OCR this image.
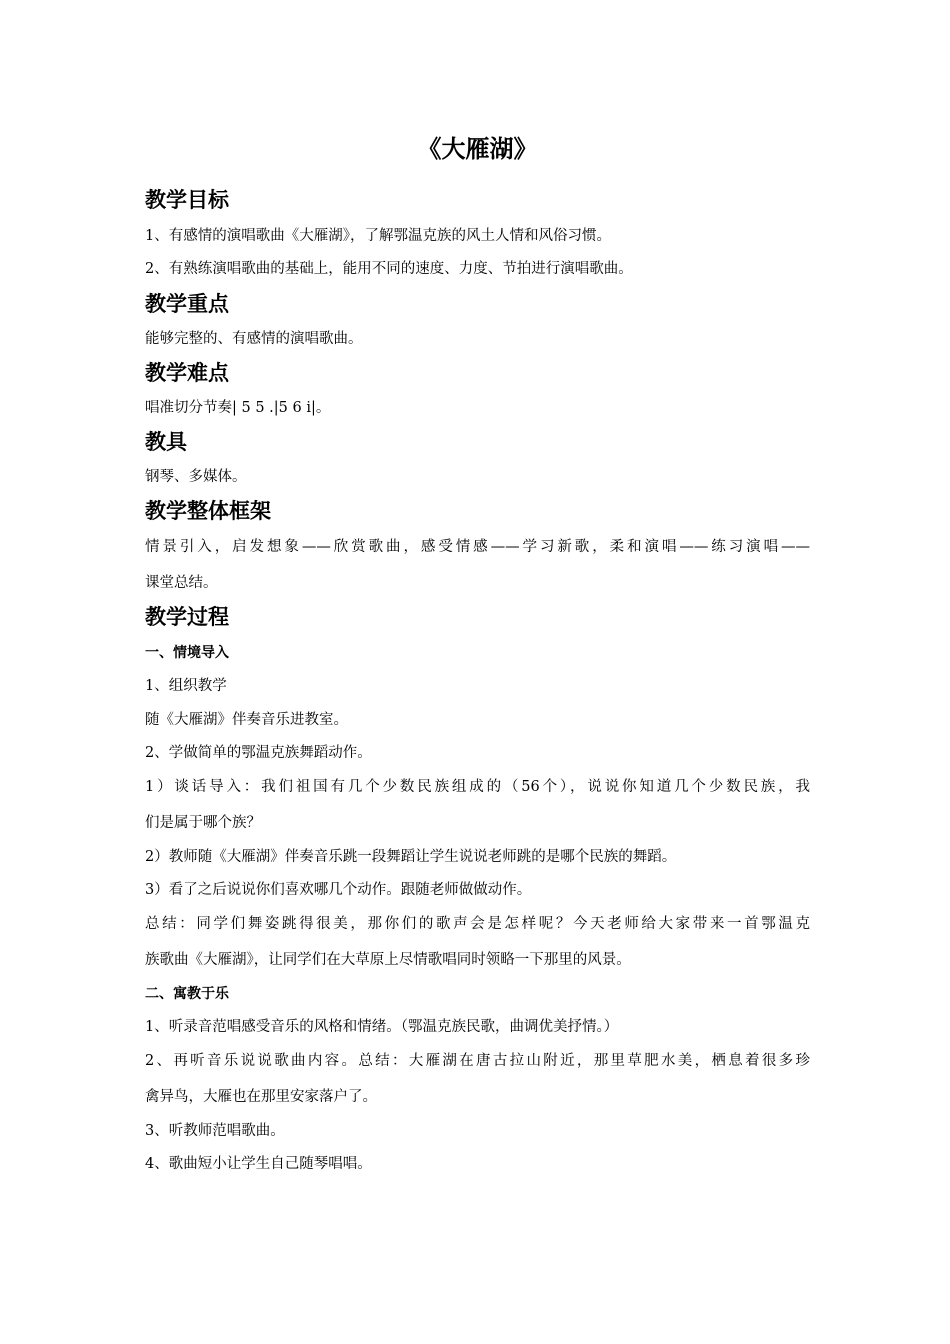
《大雁湖》
教学目标
1、有感情的演唱歌曲《大雁湖》，了解鄂温克族的风土人情和风俗习惯。
2、有熟练演唱歌曲的基础上，能用不同的速度、力度、节拍进行演唱歌曲。
教学重点
能够完整的、有感情的演唱歌曲。
教学难点
唱准切分节奏| 5 5 .|5 6 i|。
教具
钢琴、多媒体。
教学整体框架
情景引入，启发想象——欣赏歌曲，感受情感——学习新歌，柔和演唱——练习演唱——
课堂总结。
教学过程
一、情境导入
1、组织教学
随《大雁湖》伴奏音乐进教室。
2、学做简单的鄂温克族舞蹈动作。
1）谈话导入：我们祖国有几个少数民族组成的（56个），说说你知道几个少数民族，我
们是属于哪个族？
2）教师随《大雁湖》伴奏音乐跳一段舞蹈让学生说说老师跳的是哪个民族的舞蹈。
3）看了之后说说你们喜欢哪几个动作。跟随老师做做动作。
总结：同学们舞姿跳得很美，那你们的歌声会是怎样呢？今天老师给大家带来一首鄂温克
族歌曲《大雁湖》，让同学们在大草原上尽情歌唱同时领略一下那里的风景。
二、寓教于乐
1、听录音范唱感受音乐的风格和情绪。（鄂温克族民歌，曲调优美抒情。）
2、再听音乐说说歌曲内容。总结：大雁湖在唐古拉山附近，那里草肥水美，栖息着很多珍
禽异鸟，大雁也在那里安家落户了。
3、听教师范唱歌曲。
4、歌曲短小让学生自己随琴唱唱。
